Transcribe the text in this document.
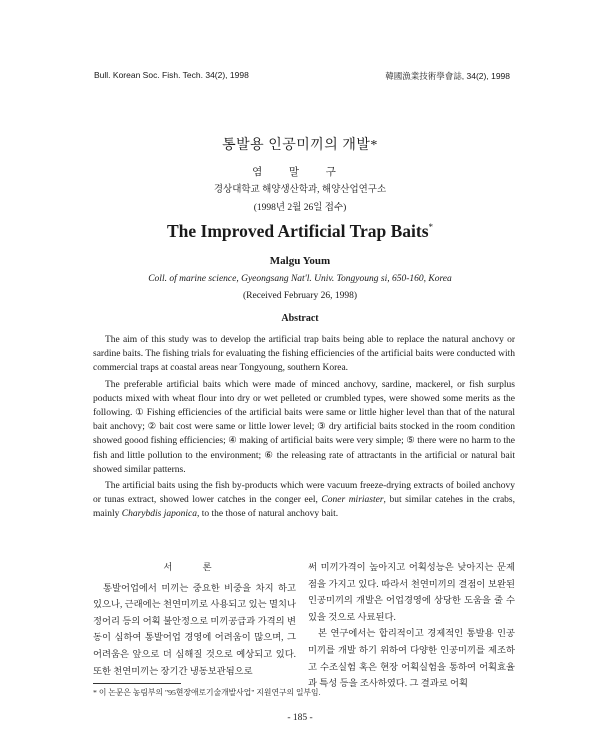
Bull. Korean Soc. Fish. Tech. 34(2), 1998	韓國漁業技術學會誌, 34(2), 1998
통발용 인공미끼의 개발*
염 말 구
경상대학교 해양생산학과, 해양산업연구소
(1998년 2월 26일 접수)
The Improved Artificial Trap Baits*
Malgu Youm
Coll. of marine science, Gyeongsang Nat'l. Univ. Tongyoung si, 650-160, Korea
(Received February 26, 1998)
Abstract

The aim of this study was to develop the artificial trap baits being able to replace the natural anchovy or sardine baits. The fishing trials for evaluating the fishing efficiencies of the artificial baits were conducted with commercial traps at coastal areas near Tongyoung, southern Korea.

The preferable artificial baits which were made of minced anchovy, sardine, mackerel, or fish surplus poducts mixed with wheat flour into dry or wet pelleted or crumbled types, were showed some merits as the following. ① Fishing efficiencies of the artificial baits were same or little higher level than that of the natural bait anchovy; ② bait cost were same or little lower level; ③ dry artificial baits stocked in the room condition showed goood fishing efficiencies; ④ making of artificial baits were very simple; ⑤ there were no harm to the fish and little pollution to the environment; ⑥ the releasing rate of attractants in the artificial or natural bait showed similar patterns.

The artificial baits using the fish by-products which were vacuum freeze-drying extracts of boiled anchovy or tunas extract, showed lower catches in the conger eel, Coner miriaster, but similar catehes in the crabs, mainly Charybdis japonica, to the those of natural anchovy bait.

서 론

통발어업에서 미끼는 중요한 비중을 차지 하고 있으나, 근래에는 천연미끼로 사용되고 있는 멸치나 정어리 등의 어획 불안정으로 미끼공급과 가격의 변동이 심하여 통발어업 경영에 어려움이 많으며, 그 어려움은 앞으로 더 심해질 것으로 예상되고 있다. 또한 천연미끼는 장기간 냉동보관됨으로

써 미끼가격이 높아지고 어획성능은 낮아지는 문제점을 가지고 있다. 따라서 천연미끼의 결점이 보완된 인공미끼의 개발은 어업경영에 상당한 도움을 줄 수 있을 것으로 사료된다.

본 연구에서는 합리적이고 경제적인 통발용 인공미끼를 개발 하기 위하여 다양한 인공미끼를 제조하고 수조실험 혹은 현장 어획실험을 통하여 어획효율과 특성 등을 조사하였다. 그 결과로 어획

* 이 논문은 농림부의 "95현장애로기술개발사업" 지원연구의 일부임.
- 185 -
